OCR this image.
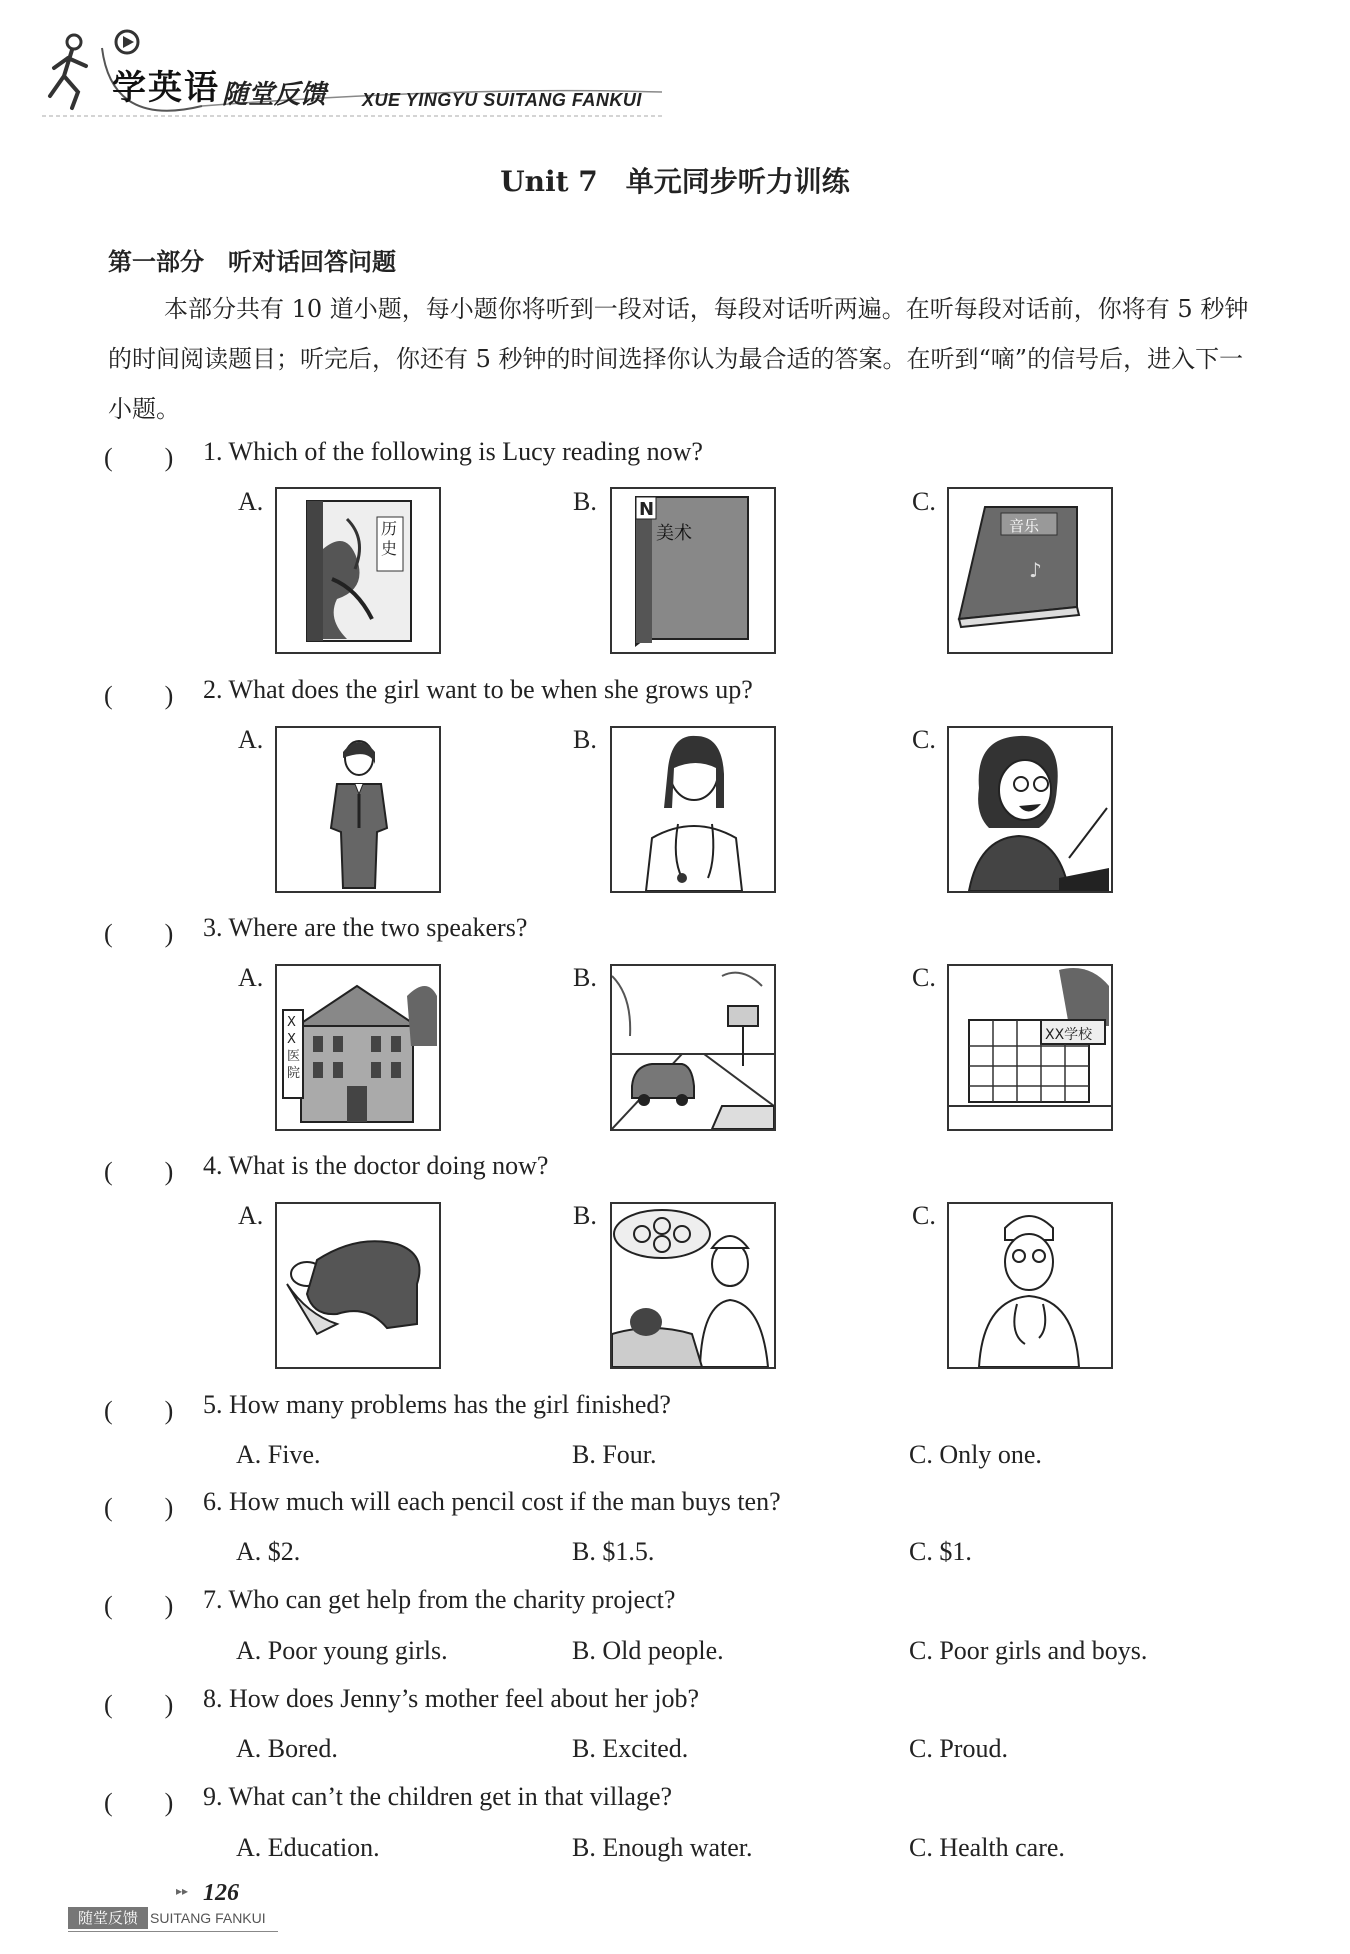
学英语 随堂反馈 XUE YINGYU SUITANG FANKUI
Unit 7　单元同步听力训练
第一部分　听对话回答问题
本部分共有 10 道小题，每小题你将听到一段对话，每段对话听两遍。在听每段对话前，你将有 5 秒钟的时间阅读题目；听完后，你还有 5 秒钟的时间选择你认为最合适的答案。在听到“嘀”的信号后，进入下一小题。
(　　) 1. Which of the following is Lucy reading now?
A.	B.	C.
历史
N
美术
♪
音乐
(　　) 2. What does the girl want to be when she grows up?
A.	B.	C.
(　　) 3. Where are the two speakers?
A.	B.	C.
XX医院
XX学校
(　　) 4. What is the doctor doing now?
A.	B.	C.
(　　) 5. How many problems has the girl finished?
A. Five.	B. Four.	C. Only one.
(　　) 6. How much will each pencil cost if the man buys ten?
A. $2.	B. $1.5.	C. $1.
(　　) 7. Who can get help from the charity project?
A. Poor young girls.	B. Old people.	C. Poor girls and boys.
(　　) 8. How does Jenny’s mother feel about her job?
A. Bored.	B. Excited.	C. Proud.
(　　) 9. What can’t the children get in that village?
A. Education.	B. Enough water.	C. Health care.
▸▸ 126
随堂反馈 SUITANG FANKUI
